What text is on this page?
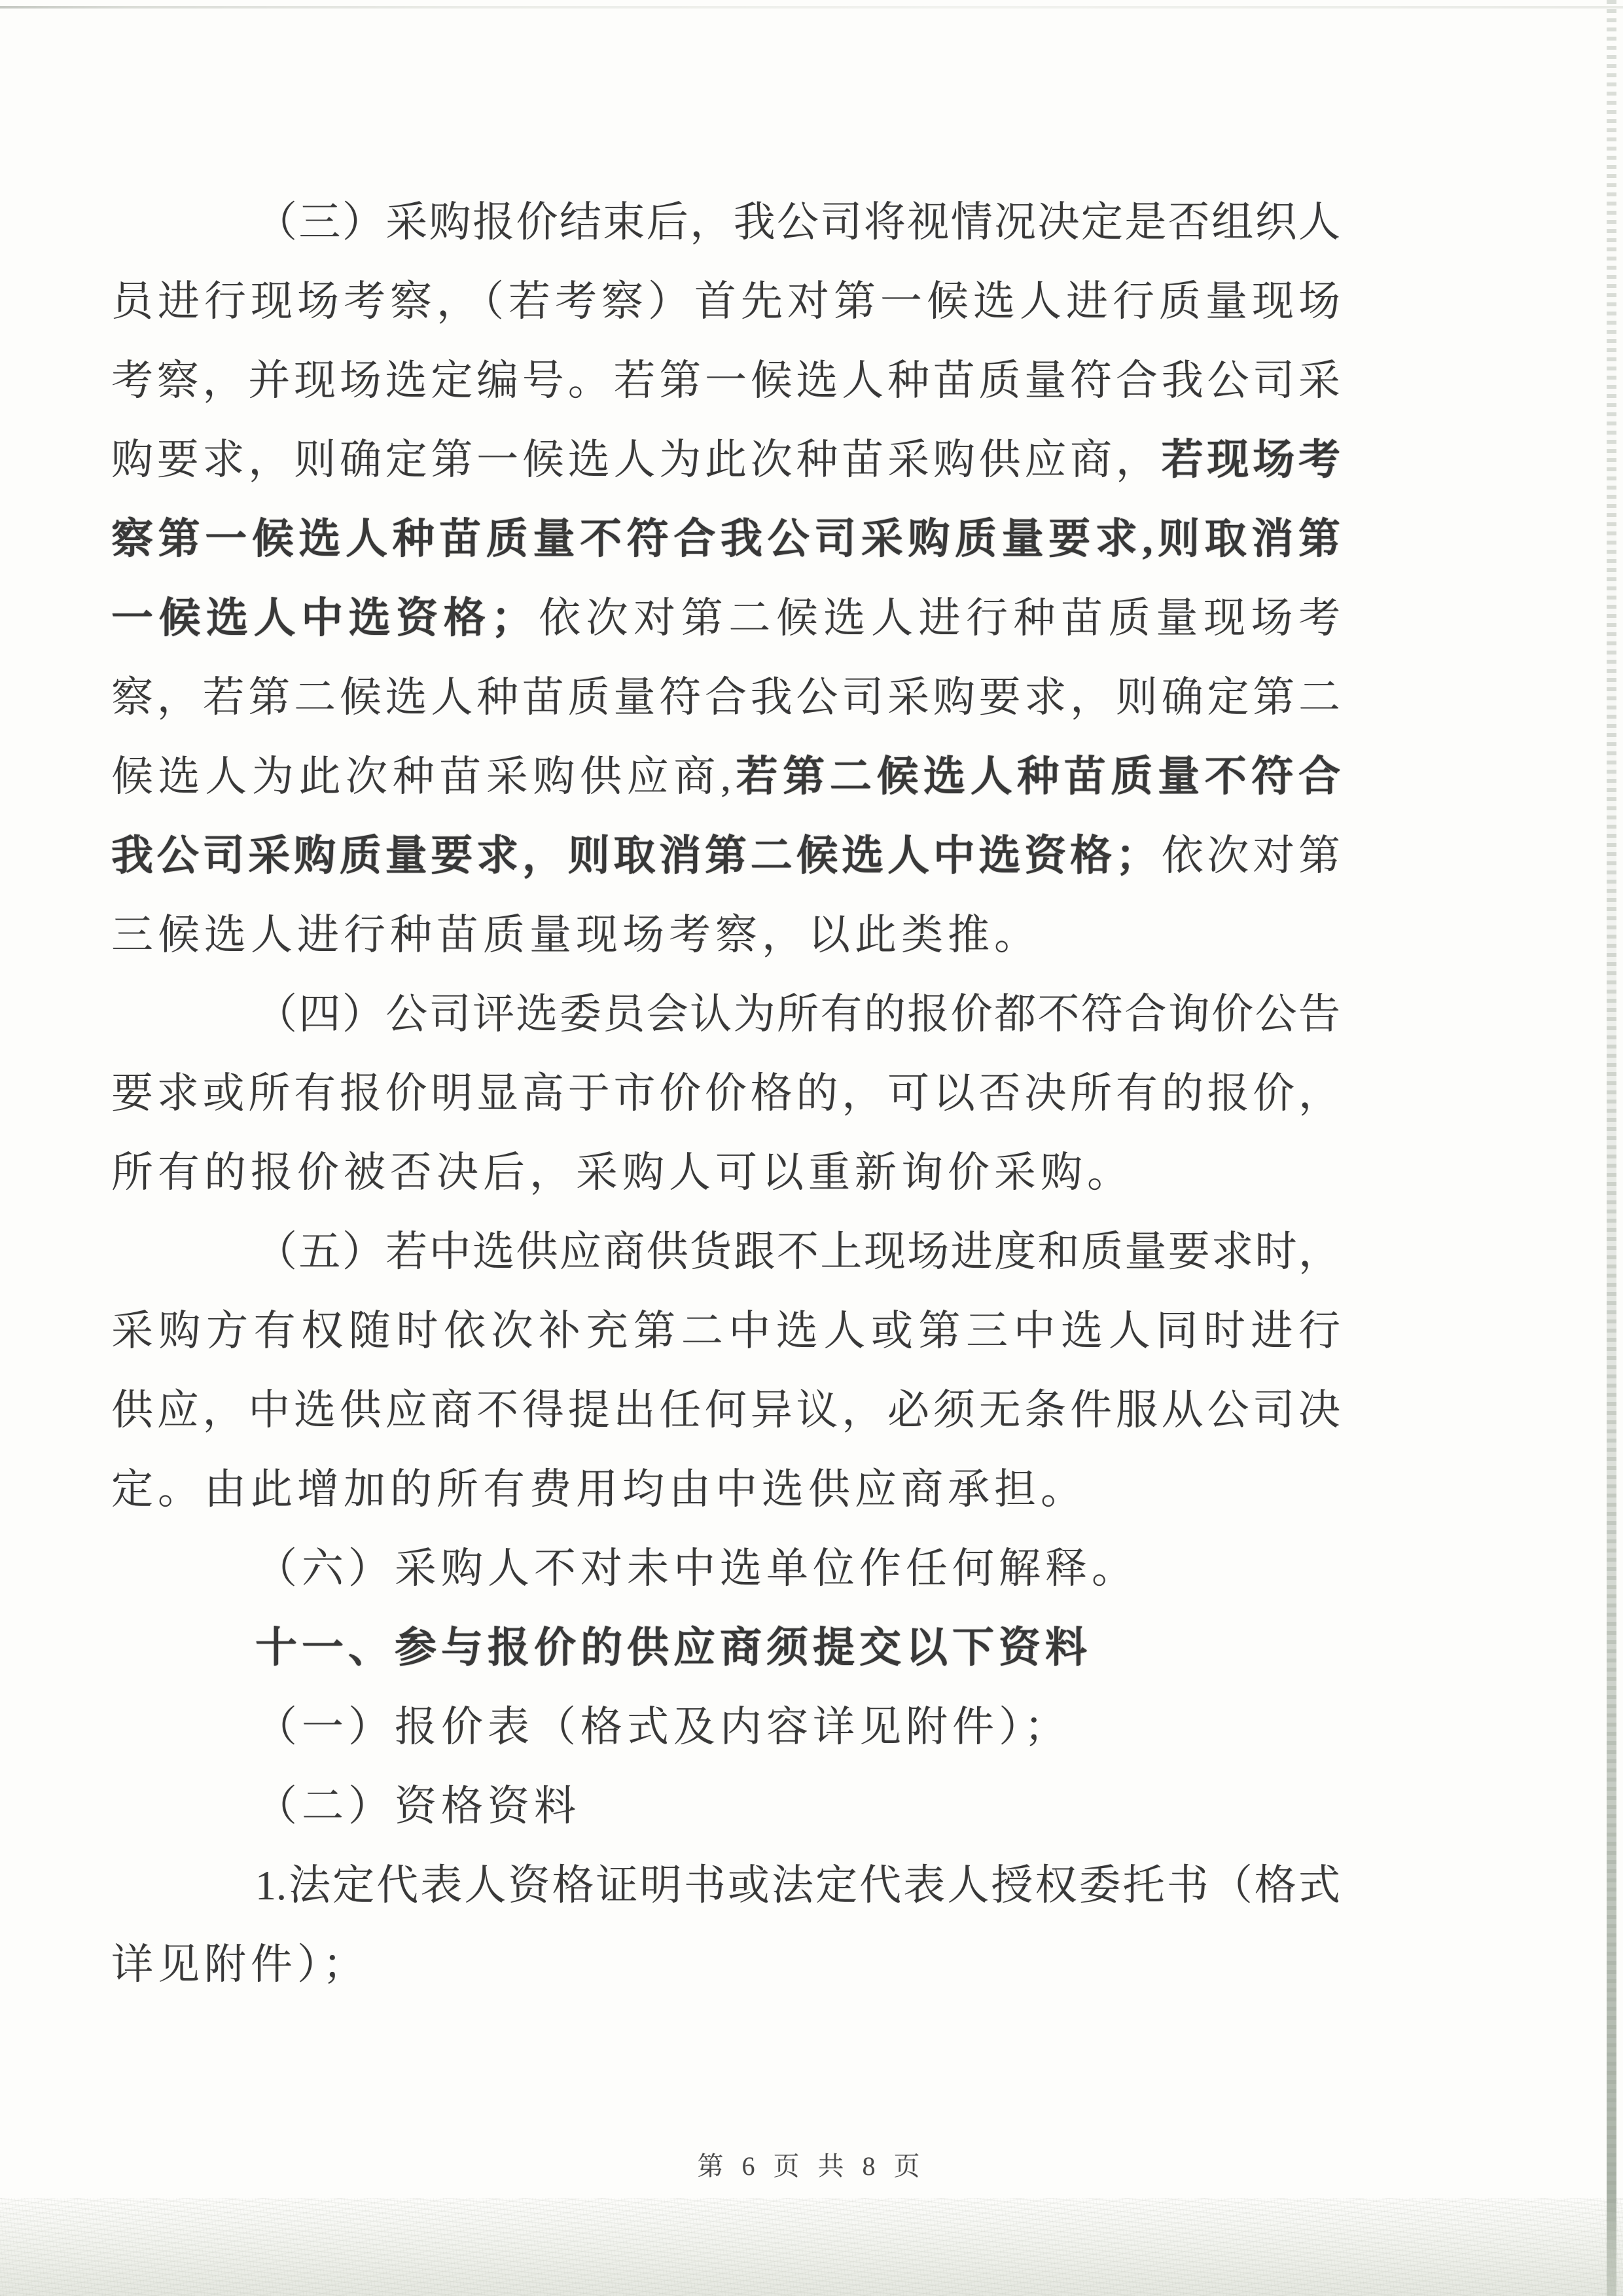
（三）采购报价结束后，我公司将视情况决定是否组织人
员进行现场考察，（若考察）首先对第一候选人进行质量现场
考察，并现场选定编号。若第一候选人种苗质量符合我公司采
购要求，则确定第一候选人为此次种苗采购供应商，若现场考
察第一候选人种苗质量不符合我公司采购质量要求,则取消第
一候选人中选资格；依次对第二候选人进行种苗质量现场考
察，若第二候选人种苗质量符合我公司采购要求，则确定第二
候选人为此次种苗采购供应商,若第二候选人种苗质量不符合
我公司采购质量要求，则取消第二候选人中选资格；依次对第
三候选人进行种苗质量现场考察，以此类推。
（四）公司评选委员会认为所有的报价都不符合询价公告
要求或所有报价明显高于市价价格的，可以否决所有的报价，
所有的报价被否决后，采购人可以重新询价采购。
（五）若中选供应商供货跟不上现场进度和质量要求时，
采购方有权随时依次补充第二中选人或第三中选人同时进行
供应，中选供应商不得提出任何异议，必须无条件服从公司决
定。由此增加的所有费用均由中选供应商承担。
（六）采购人不对未中选单位作任何解释。
十一、参与报价的供应商须提交以下资料
（一）报价表（格式及内容详见附件）；
（二）资格资料
1.法定代表人资格证明书或法定代表人授权委托书（格式
详见附件）；
第 6 页 共 8 页
